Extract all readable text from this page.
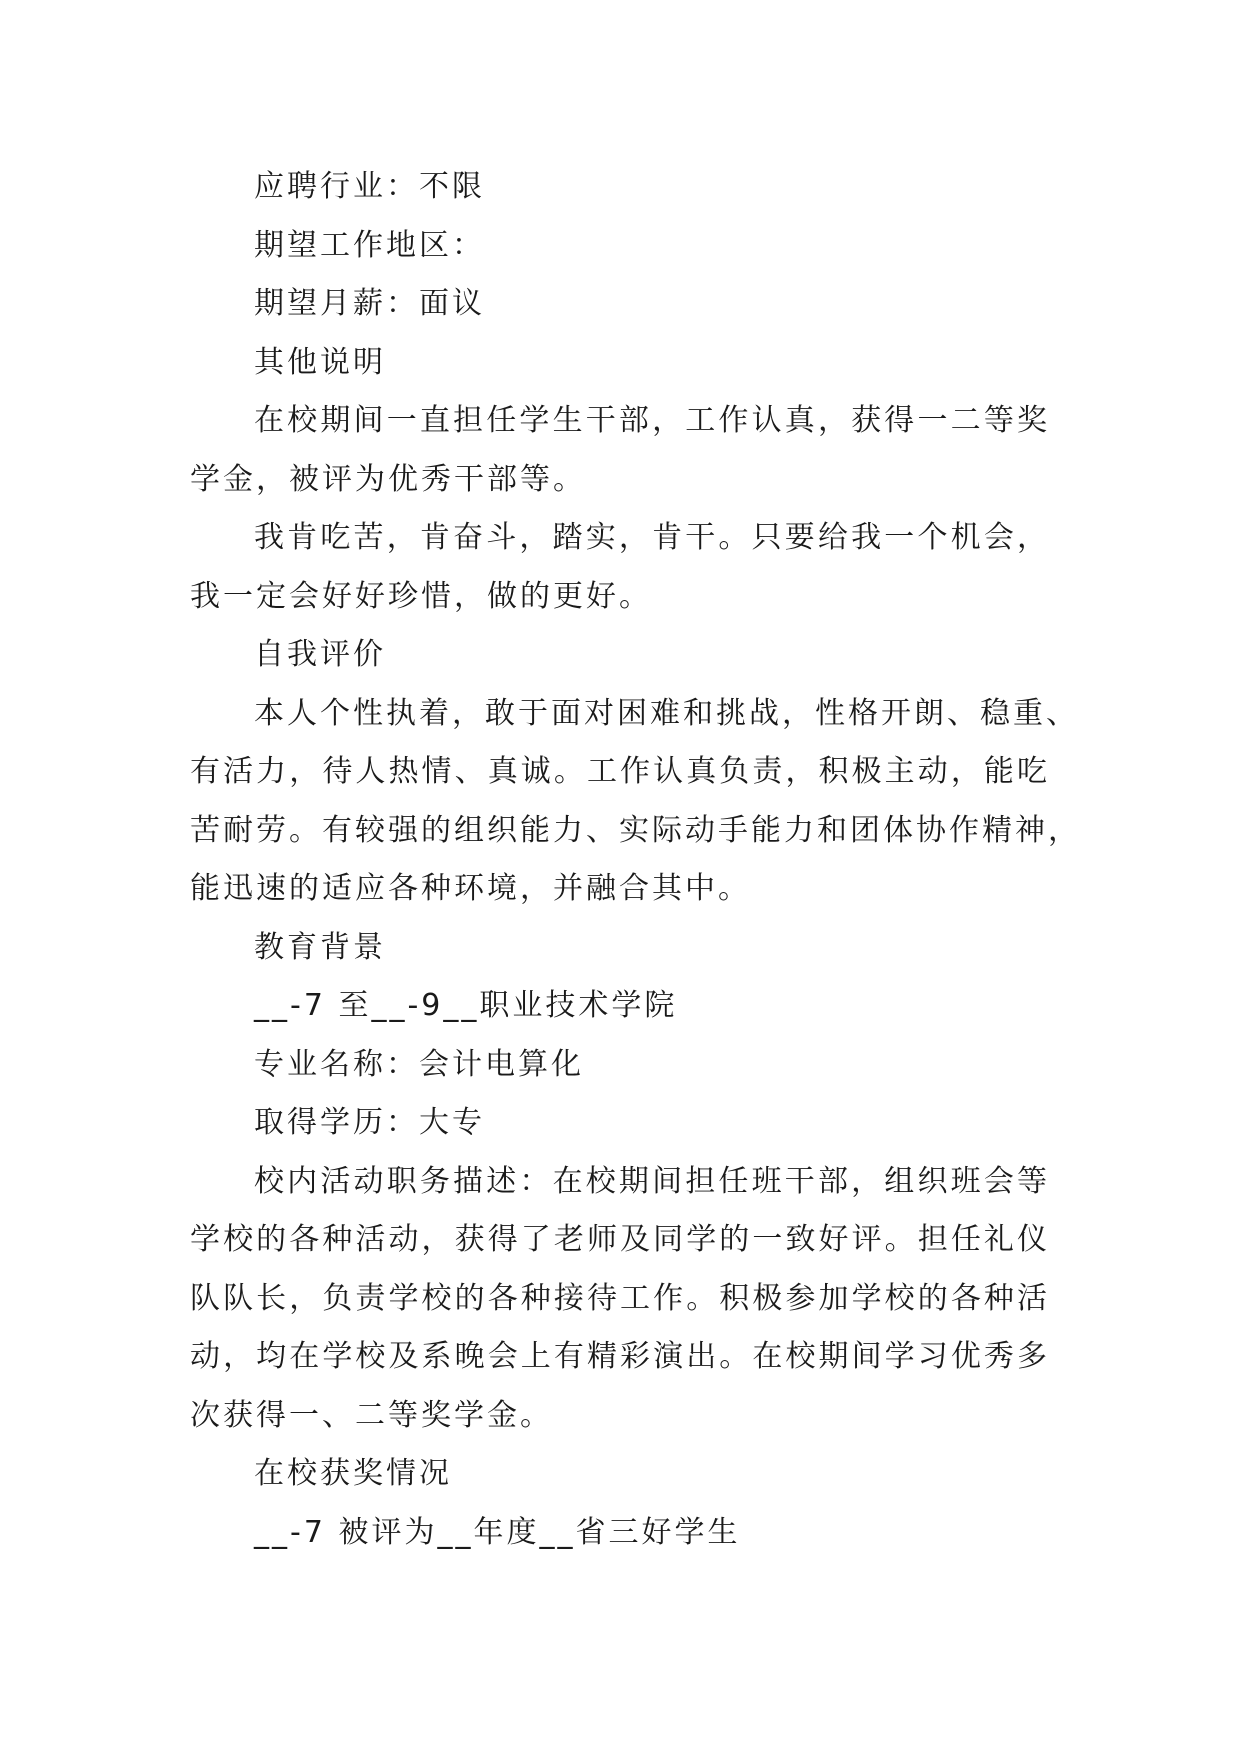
应聘行业：不限
期望工作地区：
期望月薪：面议
其他说明
在校期间一直担任学生干部，工作认真，获得一二等奖
学金，被评为优秀干部等。
我肯吃苦，肯奋斗，踏实，肯干。只要给我一个机会，
我一定会好好珍惜，做的更好。
自我评价
本人个性执着，敢于面对困难和挑战，性格开朗、稳重、
有活力，待人热情、真诚。工作认真负责，积极主动，能吃
苦耐劳。有较强的组织能力、实际动手能力和团体协作精神，
能迅速的适应各种环境，并融合其中。
教育背景
__-7 至__-9__职业技术学院
专业名称：会计电算化
取得学历：大专
校内活动职务描述：在校期间担任班干部，组织班会等
学校的各种活动，获得了老师及同学的一致好评。担任礼仪
队队长，负责学校的各种接待工作。积极参加学校的各种活
动，均在学校及系晚会上有精彩演出。在校期间学习优秀多
次获得一、二等奖学金。
在校获奖情况
__-7 被评为__年度__省三好学生
